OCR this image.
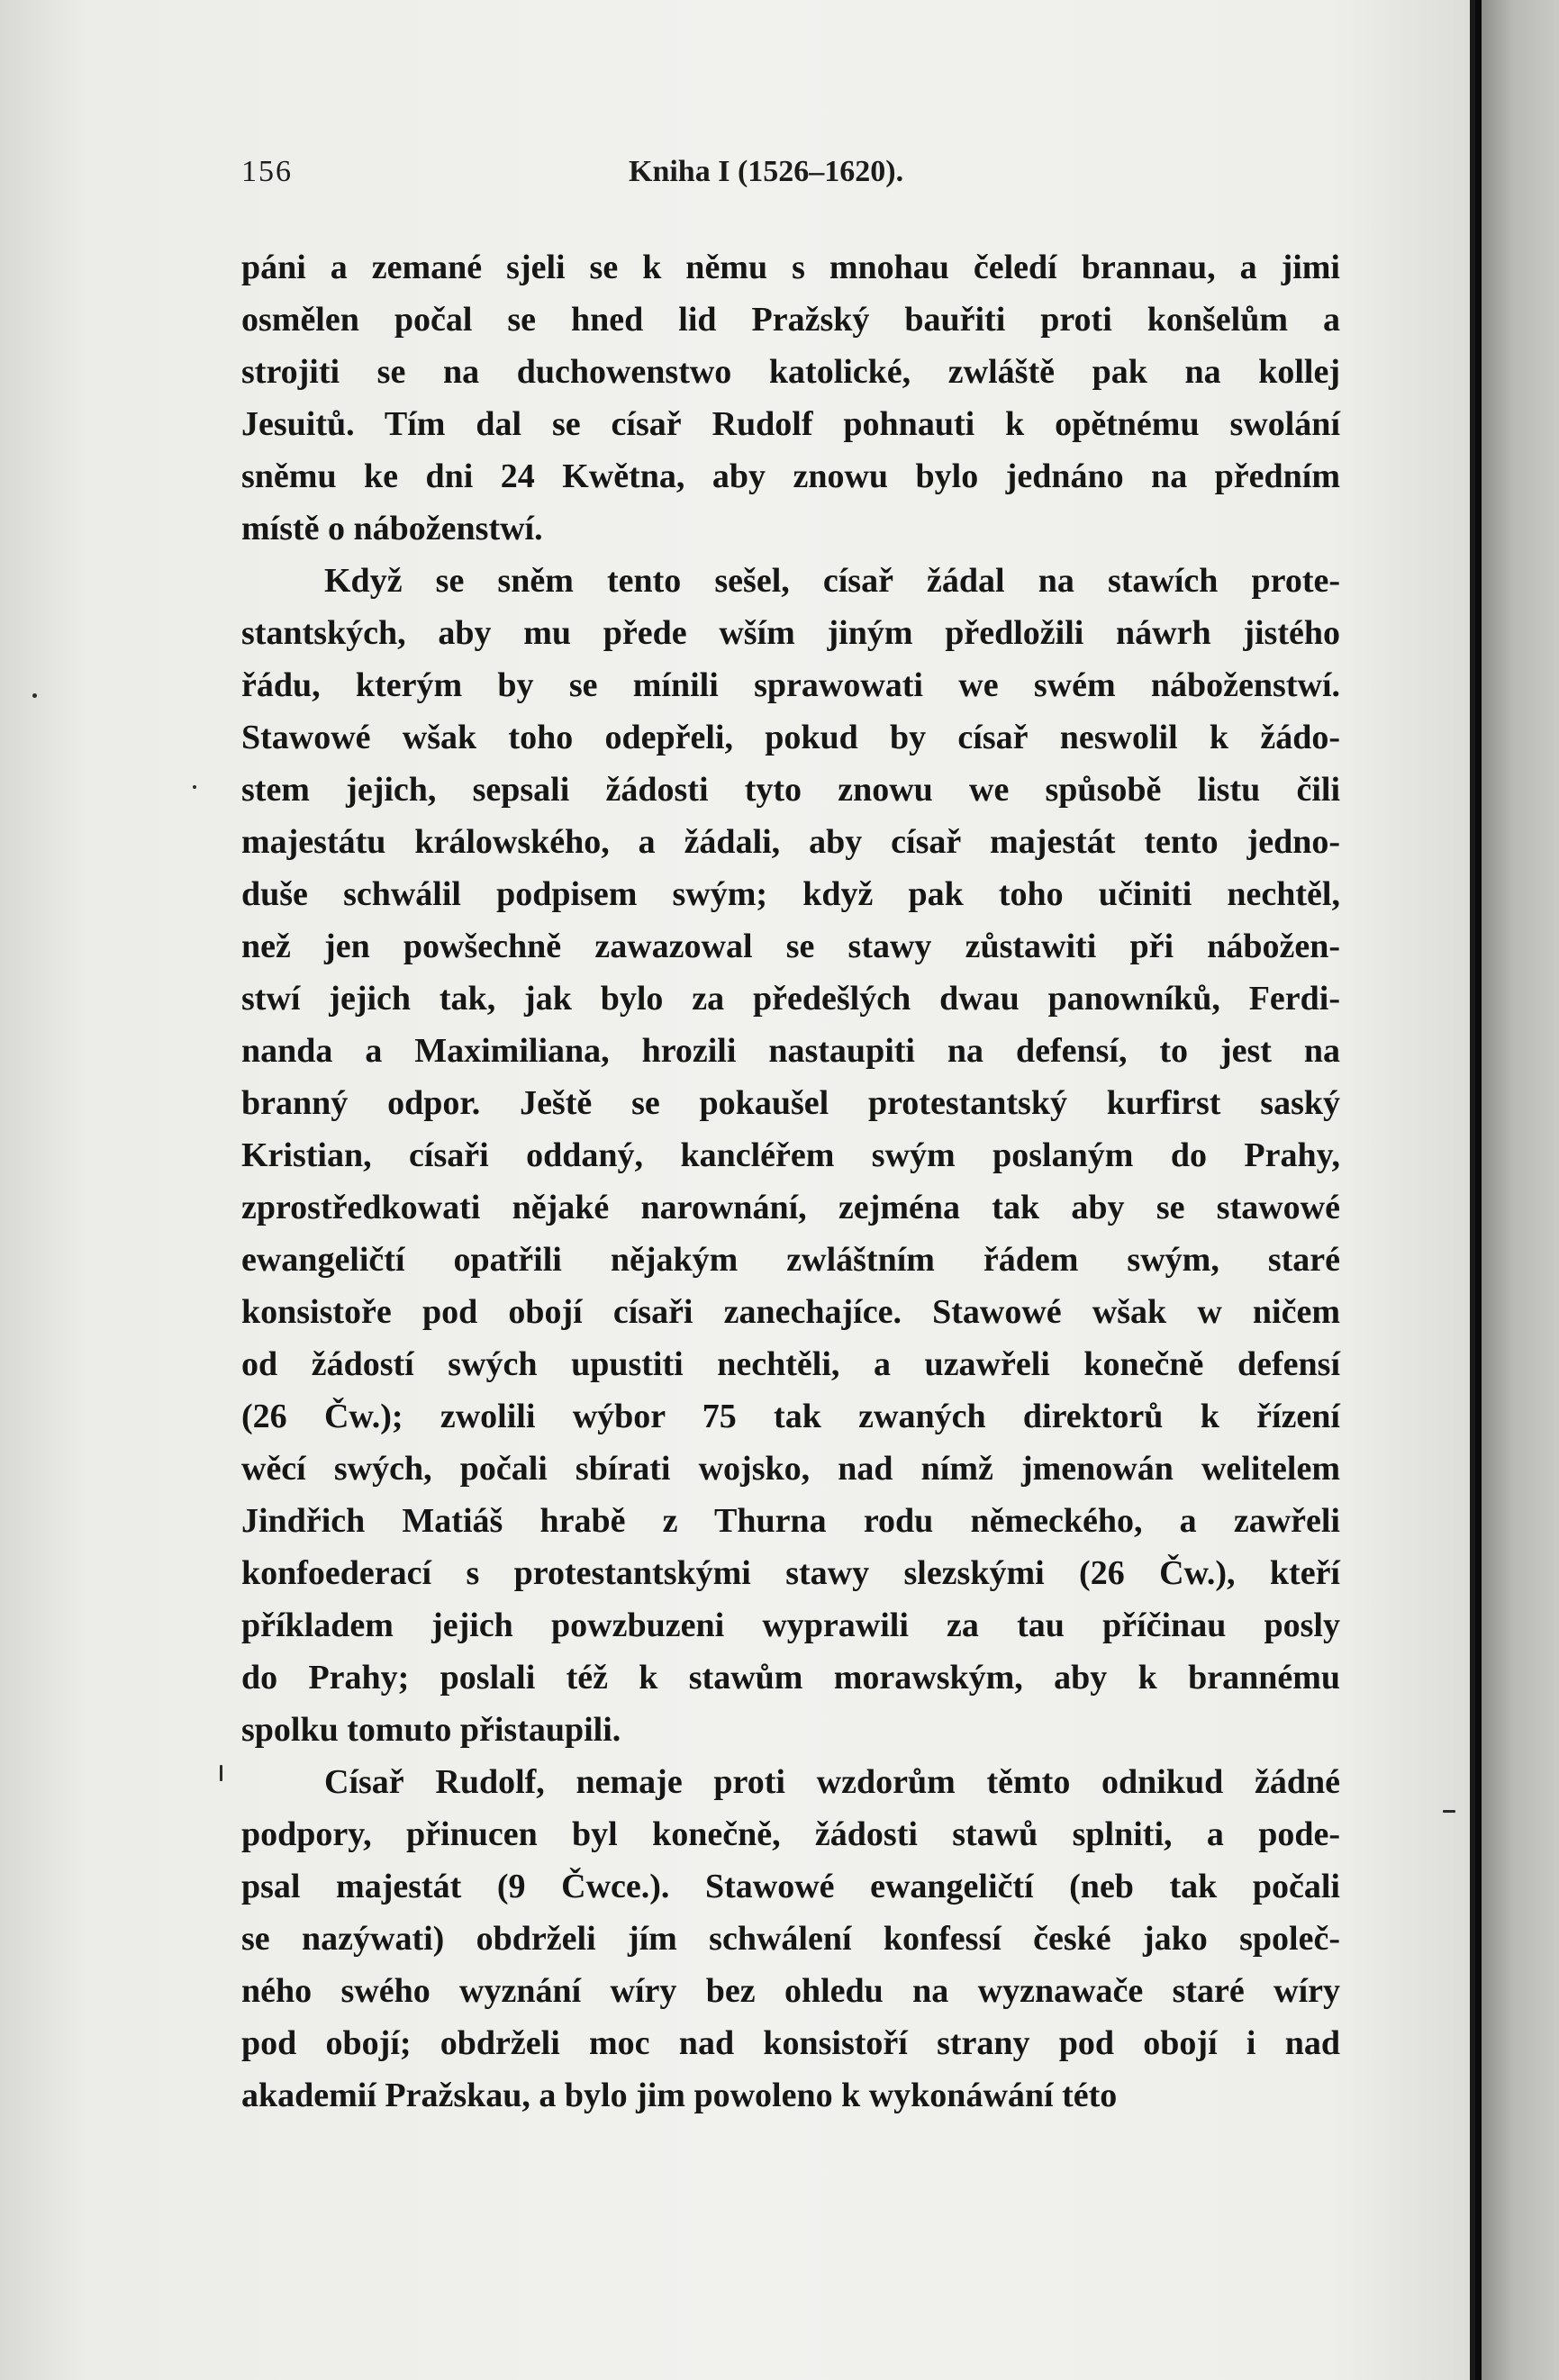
156	Kniha I (1526–1620).
páni a zemané sjeli se k němu s mnohau čeledí brannau, a jimi
osmělen počal se hned lid Pražský bauřiti proti konšelům a
strojiti se na duchowenstwo katolické, zwláště pak na kollej
Jesuitů. Tím dal se císař Rudolf pohnauti k opětnému swolání
sněmu ke dni 24 Kwětna, aby znowu bylo jednáno na předním
místě o náboženstwí.
Když se sněm tento sešel, císař žádal na stawích prote-
stantských, aby mu přede wším jiným předložili náwrh jistého
řádu, kterým by se mínili sprawowati we swém náboženstwí.
Stawowé wšak toho odepřeli, pokud by císař neswolil k žádo-
stem jejich, sepsali žádosti tyto znowu we spůsobě listu čili
majestátu králowského, a žádali, aby císař majestát tento jedno-
duše schwálil podpisem swým; když pak toho učiniti nechtěl,
než jen powšechně zawazowal se stawy zůstawiti při nábožen-
stwí jejich tak, jak bylo za předešlých dwau panowníků, Ferdi-
nanda a Maximiliana, hrozili nastaupiti na defensí, to jest na
branný odpor. Ještě se pokaušel protestantský kurfirst saský
Kristian, císaři oddaný, kancléřem swým poslaným do Prahy,
zprostředkowati nějaké narownání, zejména tak aby se stawowé
ewangeličtí opatřili nějakým zwláštním řádem swým, staré
konsistoře pod obojí císaři zanechajíce. Stawowé wšak w ničem
od žádostí swých upustiti nechtěli, a uzawřeli konečně defensí
(26 Čw.); zwolili wýbor 75 tak zwaných direktorů k řízení
wěcí swých, počali sbírati wojsko, nad nímž jmenowán welitelem
Jindřich Matiáš hrabě z Thurna rodu německého, a zawřeli
konfoederací s protestantskými stawy slezskými (26 Čw.), kteří
příkladem jejich powzbuzeni wyprawili za tau příčinau posly
do Prahy; poslali též k stawům morawským, aby k brannému
spolku tomuto přistaupili.
Císař Rudolf, nemaje proti wzdorům těmto odnikud žádné
podpory, přinucen byl konečně, žádosti stawů splniti, a pode-
psal majestát (9 Čwce.). Stawowé ewangeličtí (neb tak počali
se nazýwati) obdrželi jím schwálení konfessí české jako společ-
ného swého wyznání wíry bez ohledu na wyznawače staré wíry
pod obojí; obdrželi moc nad konsistoří strany pod obojí i nad
akademií Pražskau, a bylo jim powoleno k wykonáwání této
